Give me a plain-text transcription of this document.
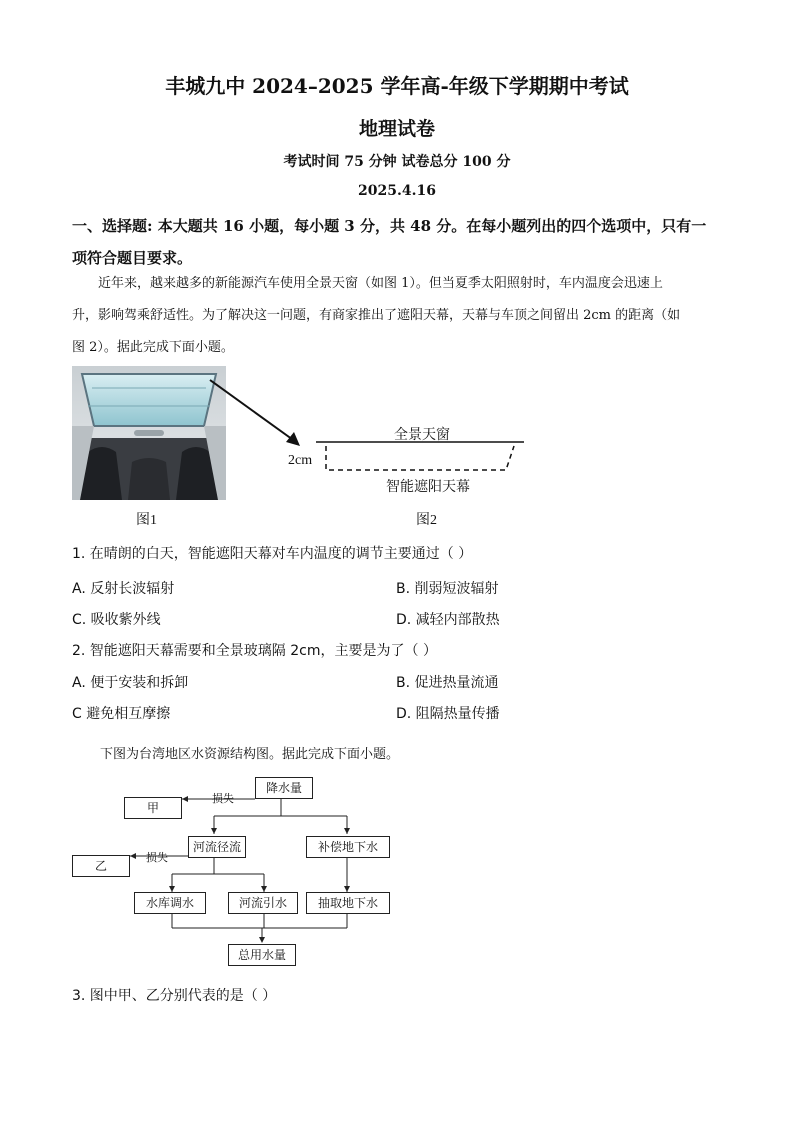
丰城九中 2024–2025 学年高-年级下学期期中考试
地理试卷
考试时间 75 分钟 试卷总分 100 分
2025.4.16
一、选择题: 本大题共 16 小题，每小题 3 分，共 48 分。在每小题列出的四个选项中，只有一
项符合题目要求。
近年来，越来越多的新能源汽车使用全景天窗（如图 1）。但当夏季太阳照射时，车内温度会迅速上
升，影响驾乘舒适性。为了解决这一问题，有商家推出了遮阳天幕，天幕与车顶之间留出 2cm 的距离（如
图 2）。据此完成下面小题。
全景天窗
2cm
智能遮阳天幕
图1	图2
1. 在晴朗的白天，智能遮阳天幕对车内温度的调节主要通过（ ）
A. 反射长波辐射	B. 削弱短波辐射
C. 吸收紫外线	D. 减轻内部散热
2. 智能遮阳天幕需要和全景玻璃隔 2cm，主要是为了（ ）
A. 便于安装和拆卸	B. 促进热量流通
C 避免相互摩擦	D. 阻隔热量传播
下图为台湾地区水资源结构图。据此完成下面小题。
降水量
甲
损失
河流径流	补偿地下水
乙
损失
水库调水	河流引水	抽取地下水
总用水量
3. 图中甲、乙分别代表的是（ ）
